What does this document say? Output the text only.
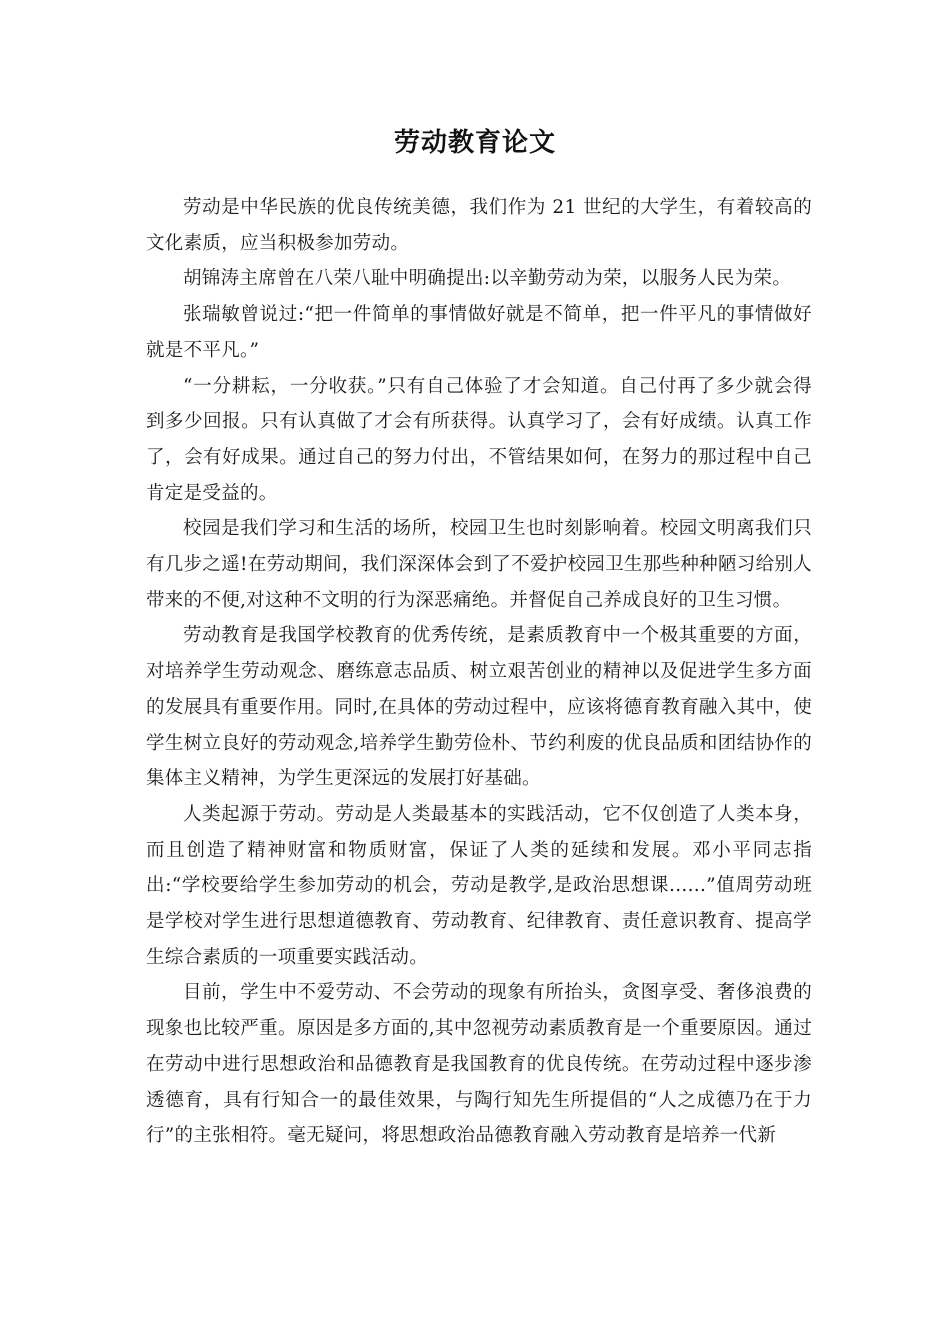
劳动教育论文

劳动是中华民族的优良传统美德，我们作为 21 世纪的大学生，有着较高的文化素质，应当积极参加劳动。

胡锦涛主席曾在八荣八耻中明确提出:以辛勤劳动为荣，以服务人民为荣。

张瑞敏曾说过:“把一件简单的事情做好就是不简单，把一件平凡的事情做好就是不平凡。”

“一分耕耘，一分收获。”只有自己体验了才会知道。自己付再了多少就会得到多少回报。只有认真做了才会有所获得。认真学习了，会有好成绩。认真工作了，会有好成果。通过自己的努力付出，不管结果如何，在努力的那过程中自己肯定是受益的。

校园是我们学习和生活的场所，校园卫生也时刻影响着。校园文明离我们只有几步之遥!在劳动期间，我们深深体会到了不爱护校园卫生那些种种陋习给别人带来的不便,对这种不文明的行为深恶痛绝。并督促自己养成良好的卫生习惯。

劳动教育是我国学校教育的优秀传统，是素质教育中一个极其重要的方面，对培养学生劳动观念、磨练意志品质、树立艰苦创业的精神以及促进学生多方面的发展具有重要作用。同时,在具体的劳动过程中，应该将德育教育融入其中，使学生树立良好的劳动观念,培养学生勤劳俭朴、节约利废的优良品质和团结协作的集体主义精神，为学生更深远的发展打好基础。

人类起源于劳动。劳动是人类最基本的实践活动，它不仅创造了人类本身，而且创造了精神财富和物质财富，保证了人类的延续和发展。邓小平同志指出:“学校要给学生参加劳动的机会，劳动是教学,是政治思想课......”值周劳动班是学校对学生进行思想道德教育、劳动教育、纪律教育、责任意识教育、提高学生综合素质的一项重要实践活动。

目前，学生中不爱劳动、不会劳动的现象有所抬头，贪图享受、奢侈浪费的现象也比较严重。原因是多方面的,其中忽视劳动素质教育是一个重要原因。通过在劳动中进行思想政治和品德教育是我国教育的优良传统。在劳动过程中逐步渗透德育，具有行知合一的最佳效果，与陶行知先生所提倡的“人之成德乃在于力行”的主张相符。毫无疑问，将思想政治品德教育融入劳动教育是培养一代新
